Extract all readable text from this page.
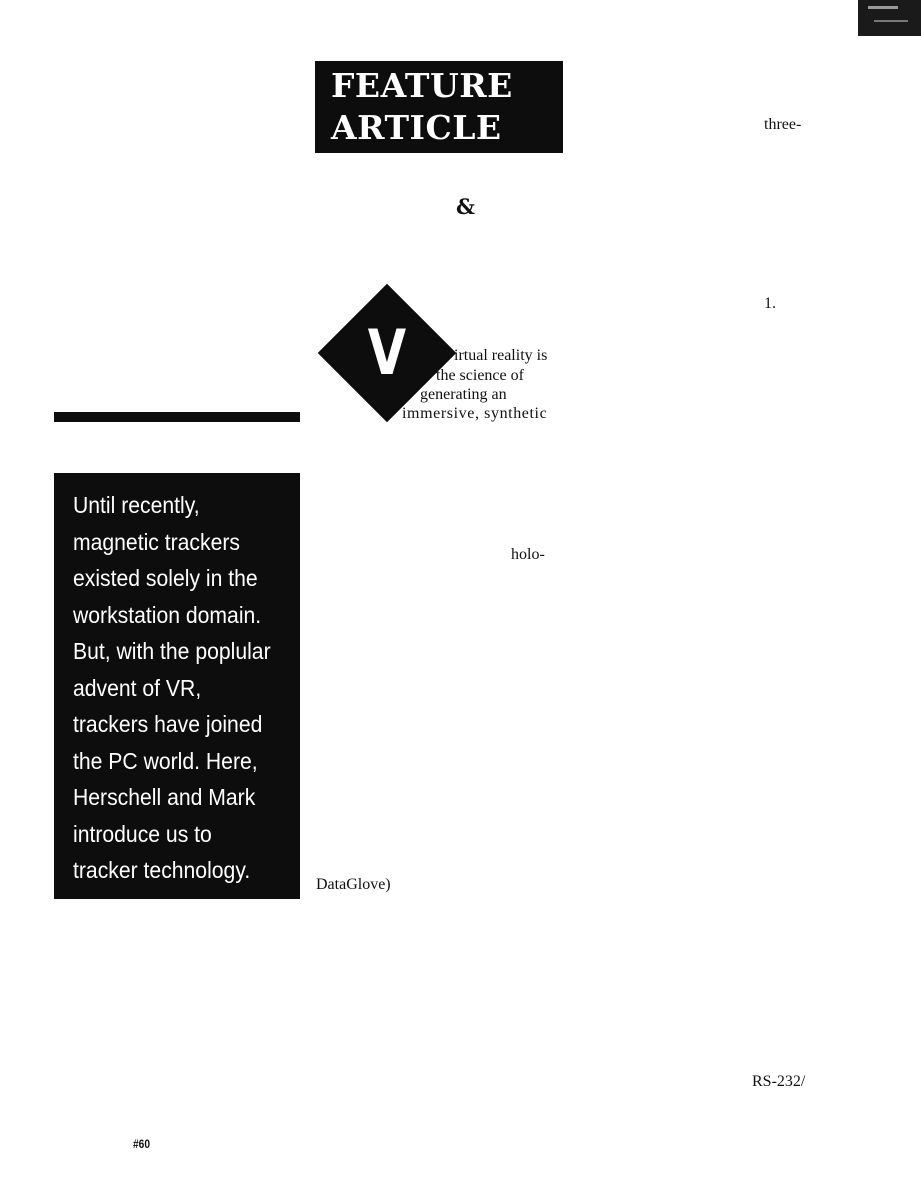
FEATURE
ARTICLE
&
three-
1.
V	irtual reality is
the science of
generating an
immersive, synthetic

Until recently,
magnetic trackers
existed solely in the
workstation domain.
But, with the poplular
advent of VR,
trackers have joined
the PC world. Here,
Herschell and Mark
introduce us to
tracker technology.

holo-
DataGlove)
RS-232/
#60
